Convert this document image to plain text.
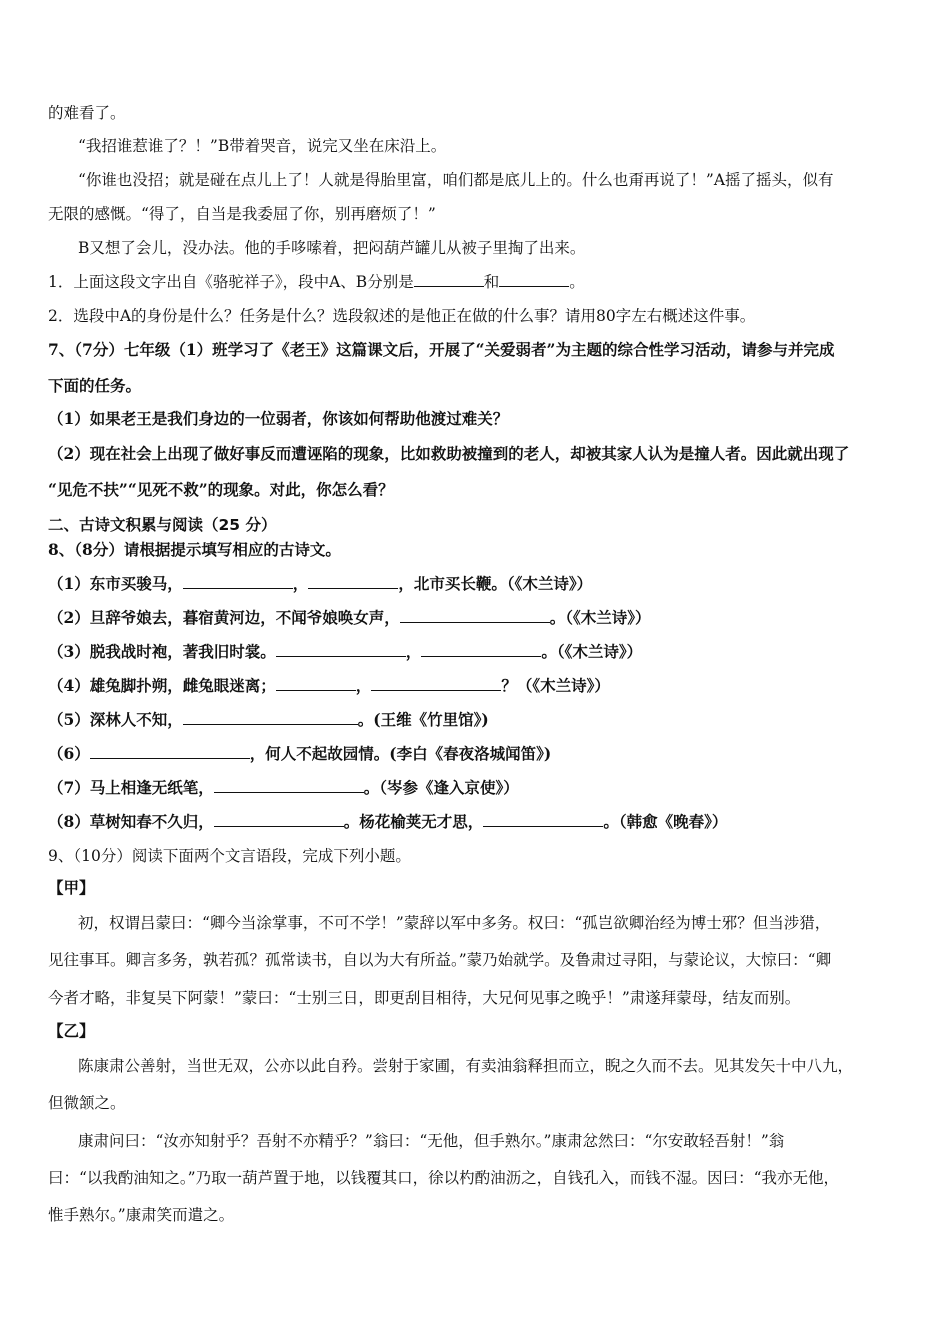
的难看了。
“我招谁惹谁了？！”B带着哭音，说完又坐在床沿上。
“你谁也没招；就是碰在点儿上了！人就是得胎里富，咱们都是底儿上的。什么也甭再说了！”A摇了摇头，似有
无限的感慨。“得了，自当是我委屈了你，别再磨烦了！”
B又想了会儿，没办法。他的手哆嗦着，把闷葫芦罐儿从被子里掏了出来。
1．上面这段文字出自《骆驼祥子》，段中A、B分别是	和	。
2．选段中A的身份是什么？任务是什么？选段叙述的是他正在做的什么事？请用80字左右概述这件事。
7、（7分）七年级（1）班学习了《老王》这篇课文后，开展了“关爱弱者”为主题的综合性学习活动，请参与并完成
下面的任务。
（1）如果老王是我们身边的一位弱者，你该如何帮助他渡过难关？
（2）现在社会上出现了做好事反而遭诬陷的现象，比如救助被撞到的老人，却被其家人认为是撞人者。因此就出现了
“见危不扶”“见死不救”的现象。对此，你怎么看？
二、古诗文积累与阅读（25 分）
8、（8分）请根据提示填写相应的古诗文。
（1）东市买骏马，	，	，北市买长鞭。（《木兰诗》）
（2）旦辞爷娘去，暮宿黄河边，不闻爷娘唤女声，	。（《木兰诗》）
（3）脱我战时袍，著我旧时裳。	，	。（《木兰诗》）
（4）雄兔脚扑朔，雌兔眼迷离；	，	？（《木兰诗》）
（5）深林人不知，	。(王维《竹里馆》)
（6）	，何人不起故园情。(李白《春夜洛城闻笛》)
（7）马上相逢无纸笔，	。（岑参《逢入京使》）
（8）草树知春不久归，	。杨花榆荚无才思，	。（韩愈《晚春》）
9、（10分）阅读下面两个文言语段，完成下列小题。
【甲】
初，权谓吕蒙曰：“卿今当涂掌事，不可不学！”蒙辞以军中多务。权曰：“孤岂欲卿治经为博士邪？但当涉猎，
见往事耳。卿言多务，孰若孤？孤常读书，自以为大有所益。”蒙乃始就学。及鲁肃过寻阳，与蒙论议，大惊曰：“卿
今者才略，非复吴下阿蒙！”蒙曰：“士别三日，即更刮目相待，大兄何见事之晚乎！”肃遂拜蒙母，结友而别。
【乙】
陈康肃公善射，当世无双，公亦以此自矜。尝射于家圃，有卖油翁释担而立，睨之久而不去。见其发矢十中八九，
但微颔之。
康肃问曰：“汝亦知射乎？吾射不亦精乎？”翁曰：“无他，但手熟尔。”康肃忿然曰：“尔安敢轻吾射！”翁
曰：“以我酌油知之。”乃取一葫芦置于地，以钱覆其口，徐以杓酌油沥之，自钱孔入，而钱不湿。因曰：“我亦无他，
惟手熟尔。”康肃笑而遣之。
